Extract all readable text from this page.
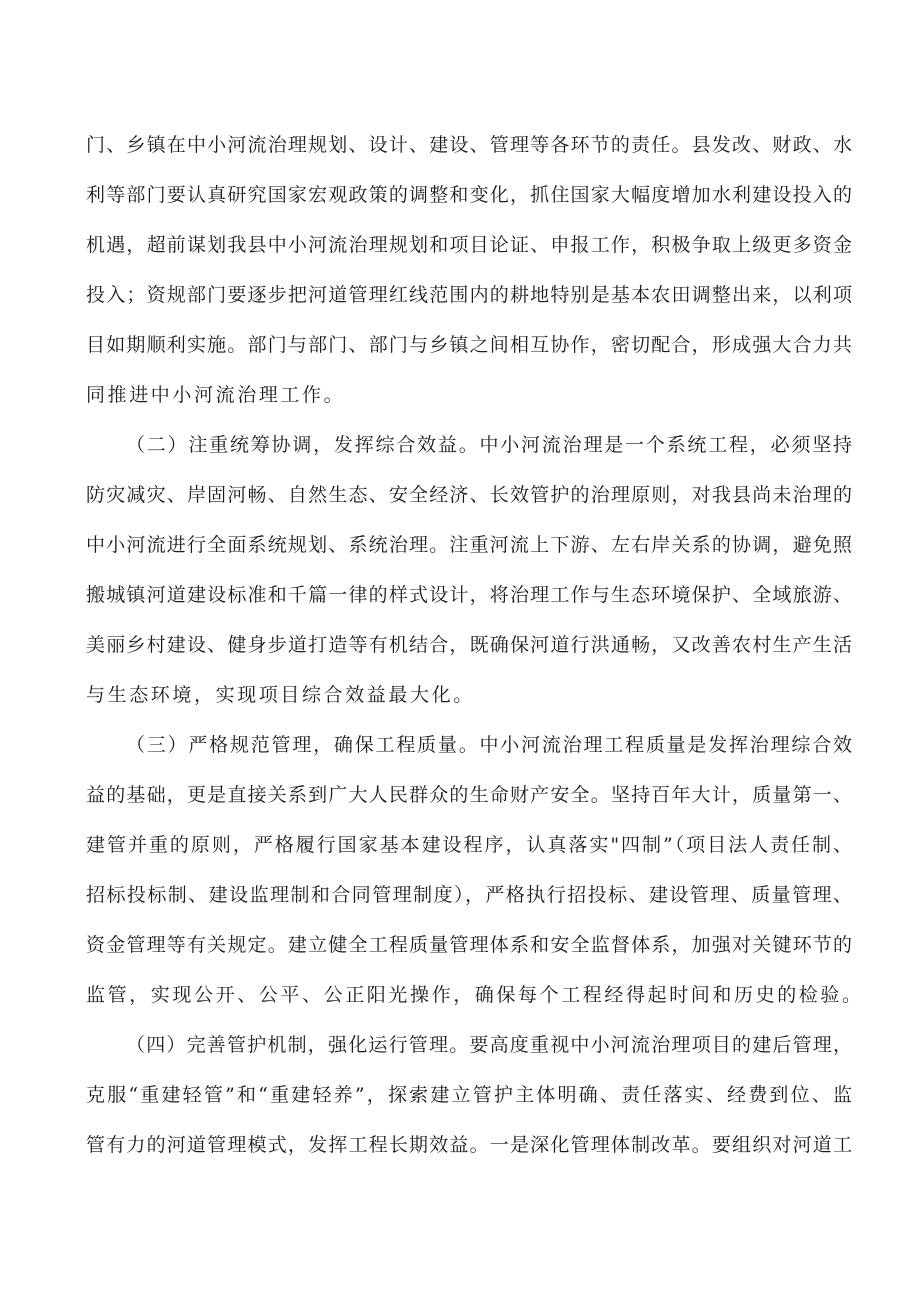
门、乡镇在中小河流治理规划、设计、建设、管理等各环节的责任。县发改、财政、水
利等部门要认真研究国家宏观政策的调整和变化，抓住国家大幅度增加水利建设投入的
机遇，超前谋划我县中小河流治理规划和项目论证、申报工作，积极争取上级更多资金
投入；资规部门要逐步把河道管理红线范围内的耕地特别是基本农田调整出来，以利项
目如期顺利实施。部门与部门、部门与乡镇之间相互协作，密切配合，形成强大合力共
同推进中小河流治理工作。
（二）注重统筹协调，发挥综合效益。中小河流治理是一个系统工程，必须坚持
防灾减灾、岸固河畅、自然生态、安全经济、长效管护的治理原则，对我县尚未治理的
中小河流进行全面系统规划、系统治理。注重河流上下游、左右岸关系的协调，避免照
搬城镇河道建设标准和千篇一律的样式设计，将治理工作与生态环境保护、全域旅游、
美丽乡村建设、健身步道打造等有机结合，既确保河道行洪通畅，又改善农村生产生活
与生态环境，实现项目综合效益最大化。
（三）严格规范管理，确保工程质量。中小河流治理工程质量是发挥治理综合效
益的基础，更是直接关系到广大人民群众的生命财产安全。坚持百年大计，质量第一、
建管并重的原则，严格履行国家基本建设程序，认真落实"四制”（项目法人责任制、
招标投标制、建设监理制和合同管理制度），严格执行招投标、建设管理、质量管理、
资金管理等有关规定。建立健全工程质量管理体系和安全监督体系，加强对关键环节的
监管，实现公开、公平、公正阳光操作，确保每个工程经得起时间和历史的检验。
（四）完善管护机制，强化运行管理。要高度重视中小河流治理项目的建后管理，
克服“重建轻管”和“重建轻养”，探索建立管护主体明确、责任落实、经费到位、监
管有力的河道管理模式，发挥工程长期效益。一是深化管理体制改革。要组织对河道工
